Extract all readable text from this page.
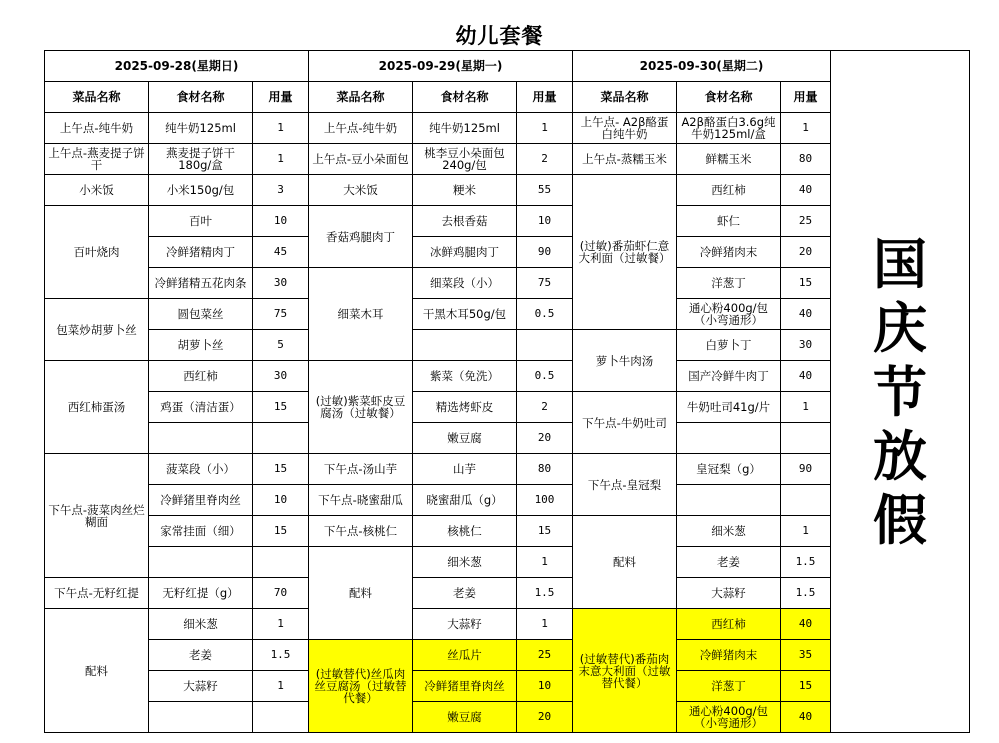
幼儿套餐
2025-09-28(星期日)			2025-09-29(星期一)			2025-09-30(星期二)			国
庆
节
放
假

菜品名称	食材名称	用量	菜品名称	食材名称	用量	菜品名称	食材名称	用量	
上午点-纯牛奶	纯牛奶125ml	1	上午点-纯牛奶	纯牛奶125ml	1	上午点- A2β酪蛋白纯牛奶	A2β酪蛋白3.6g纯牛奶125ml/盒	1	
上午点-燕麦提子饼干	燕麦提子饼干180g/盒	1	上午点-豆小朵面包	桃李豆小朵面包240g/包	2	上午点-蒸糯玉米	鲜糯玉米	80	
小米饭	小米150g/包	3	大米饭	粳米	55	(过敏)番茄虾仁意大利面（过敏餐）	西红柿	40	
百叶烧肉	百叶	10	香菇鸡腿肉丁	去根香菇	10		虾仁	25	
	冷鲜猪精肉丁	45		冰鲜鸡腿肉丁	90		冷鲜猪肉末	20	
	冷鲜猪精五花肉条	30	细菜木耳	细菜段（小）	75		洋葱丁	15	
包菜炒胡萝卜丝	圆包菜丝	75		干黑木耳50g/包	0.5		通心粉400g/包（小弯通形）	40	
	胡萝卜丝	5				萝卜牛肉汤	白萝卜丁	30	
西红柿蛋汤	西红柿	30	(过敏)紫菜虾皮豆腐汤（过敏餐）	紫菜（免洗）	0.5		国产冷鲜牛肉丁	40	
	鸡蛋（清洁蛋）	15		精选烤虾皮	2	下午点-牛奶吐司	牛奶吐司41g/片	1	
				嫩豆腐	20				
下午点-菠菜肉丝烂糊面	菠菜段（小）	15	下午点-汤山芋	山芋	80	下午点-皇冠梨	皇冠梨（g）	90	
	冷鲜猪里脊肉丝	10	下午点-晓蜜甜瓜	晓蜜甜瓜（g）	100				
	家常挂面（细）	15	下午点-核桃仁	核桃仁	15	配料	细米葱	1	
			配料	细米葱	1		老姜	1.5	
下午点-无籽红提	无籽红提（g）	70		老姜	1.5		大蒜籽	1.5	
配料	细米葱	1		大蒜籽	1	(过敏替代)番茄肉末意大利面（过敏替代餐）	西红柿	40	
	老姜	1.5	(过敏替代)丝瓜肉丝豆腐汤（过敏替代餐）	丝瓜片	25		冷鲜猪肉末	35	
	大蒜籽	1		冷鲜猪里脊肉丝	10		洋葱丁	15	
				嫩豆腐	20		通心粉400g/包（小弯通形）	40	
